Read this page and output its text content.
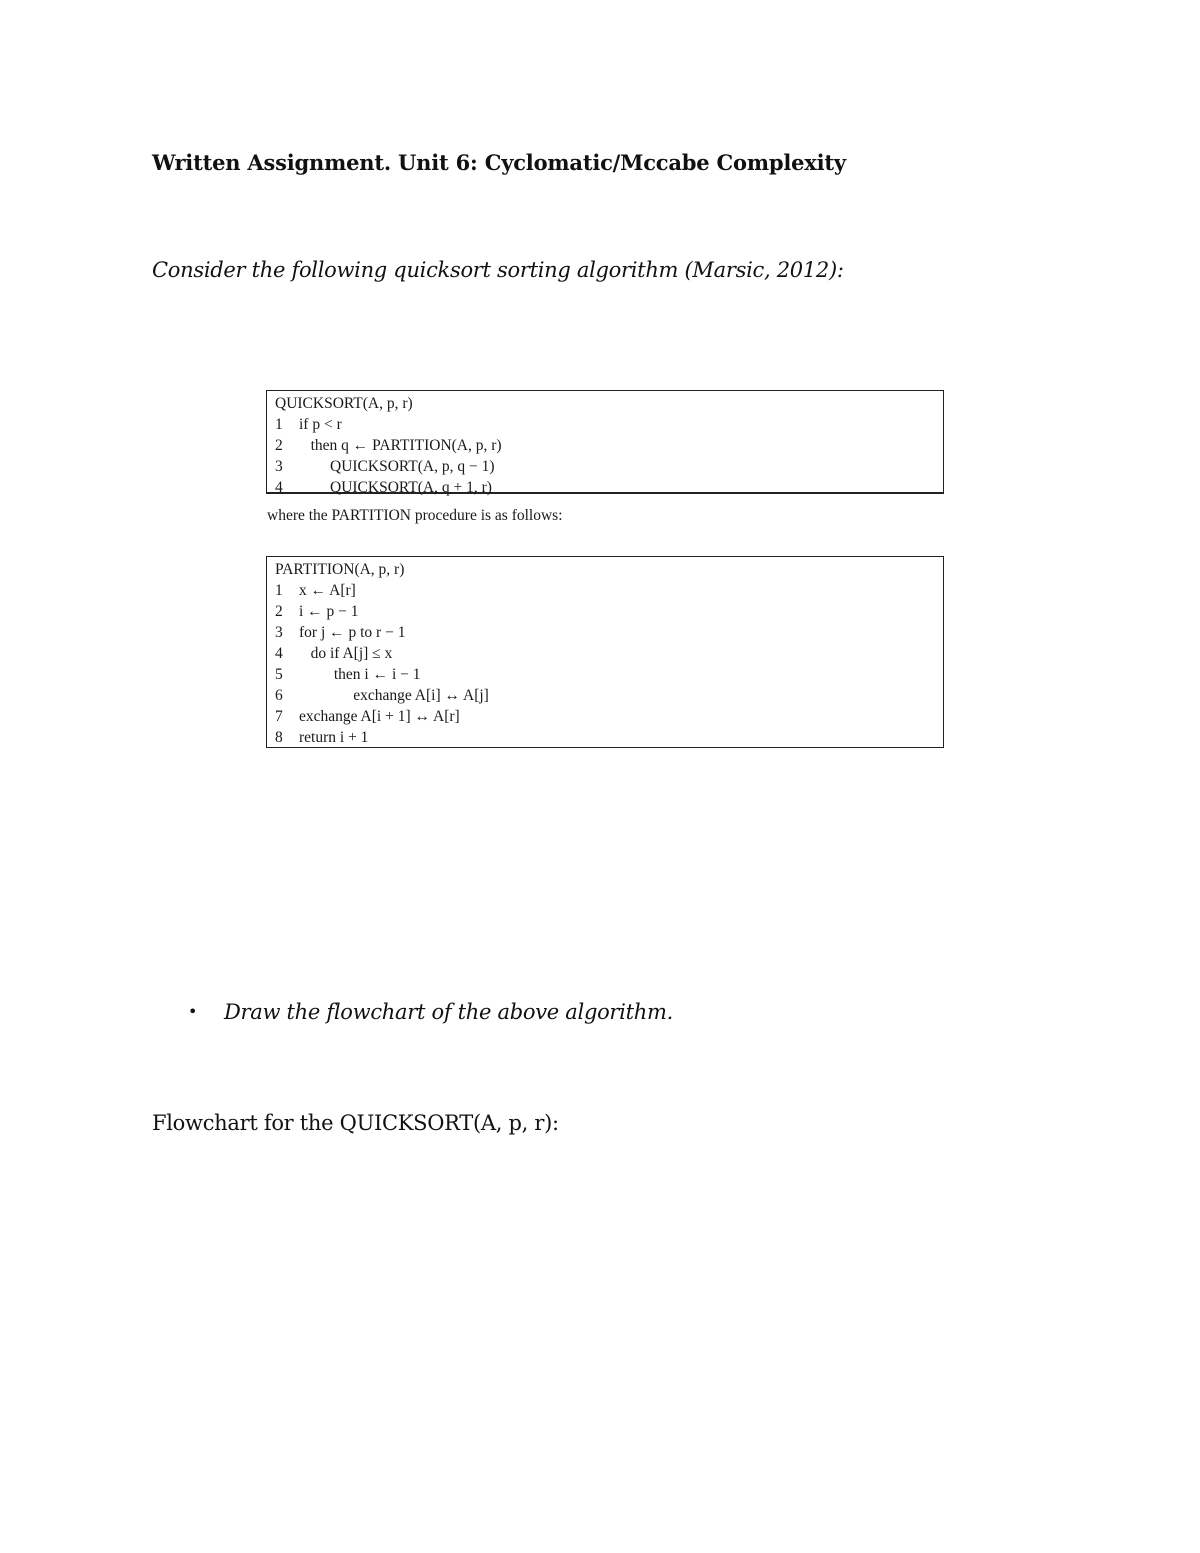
Written Assignment. Unit 6: Cyclomatic/Mccabe Complexity
Consider the following quicksort sorting algorithm (Marsic, 2012):
QUICKSORT(A, p, r)
1 if p < r
2   then q ← PARTITION(A, p, r)
3        QUICKSORT(A, p, q − 1)
4        QUICKSORT(A, q + 1, r)
where the PARTITION procedure is as follows:
PARTITION(A, p, r)
1 x ← A[r]
2 i ← p − 1
3 for j ← p to r − 1
4   do if A[j] ≤ x
5         then i ← i − 1
6              exchange A[i] ↔ A[j]
7 exchange A[i + 1] ↔ A[r]
8 return i + 1
• Draw the flowchart of the above algorithm.
Flowchart for the QUICKSORT(A, p, r):
